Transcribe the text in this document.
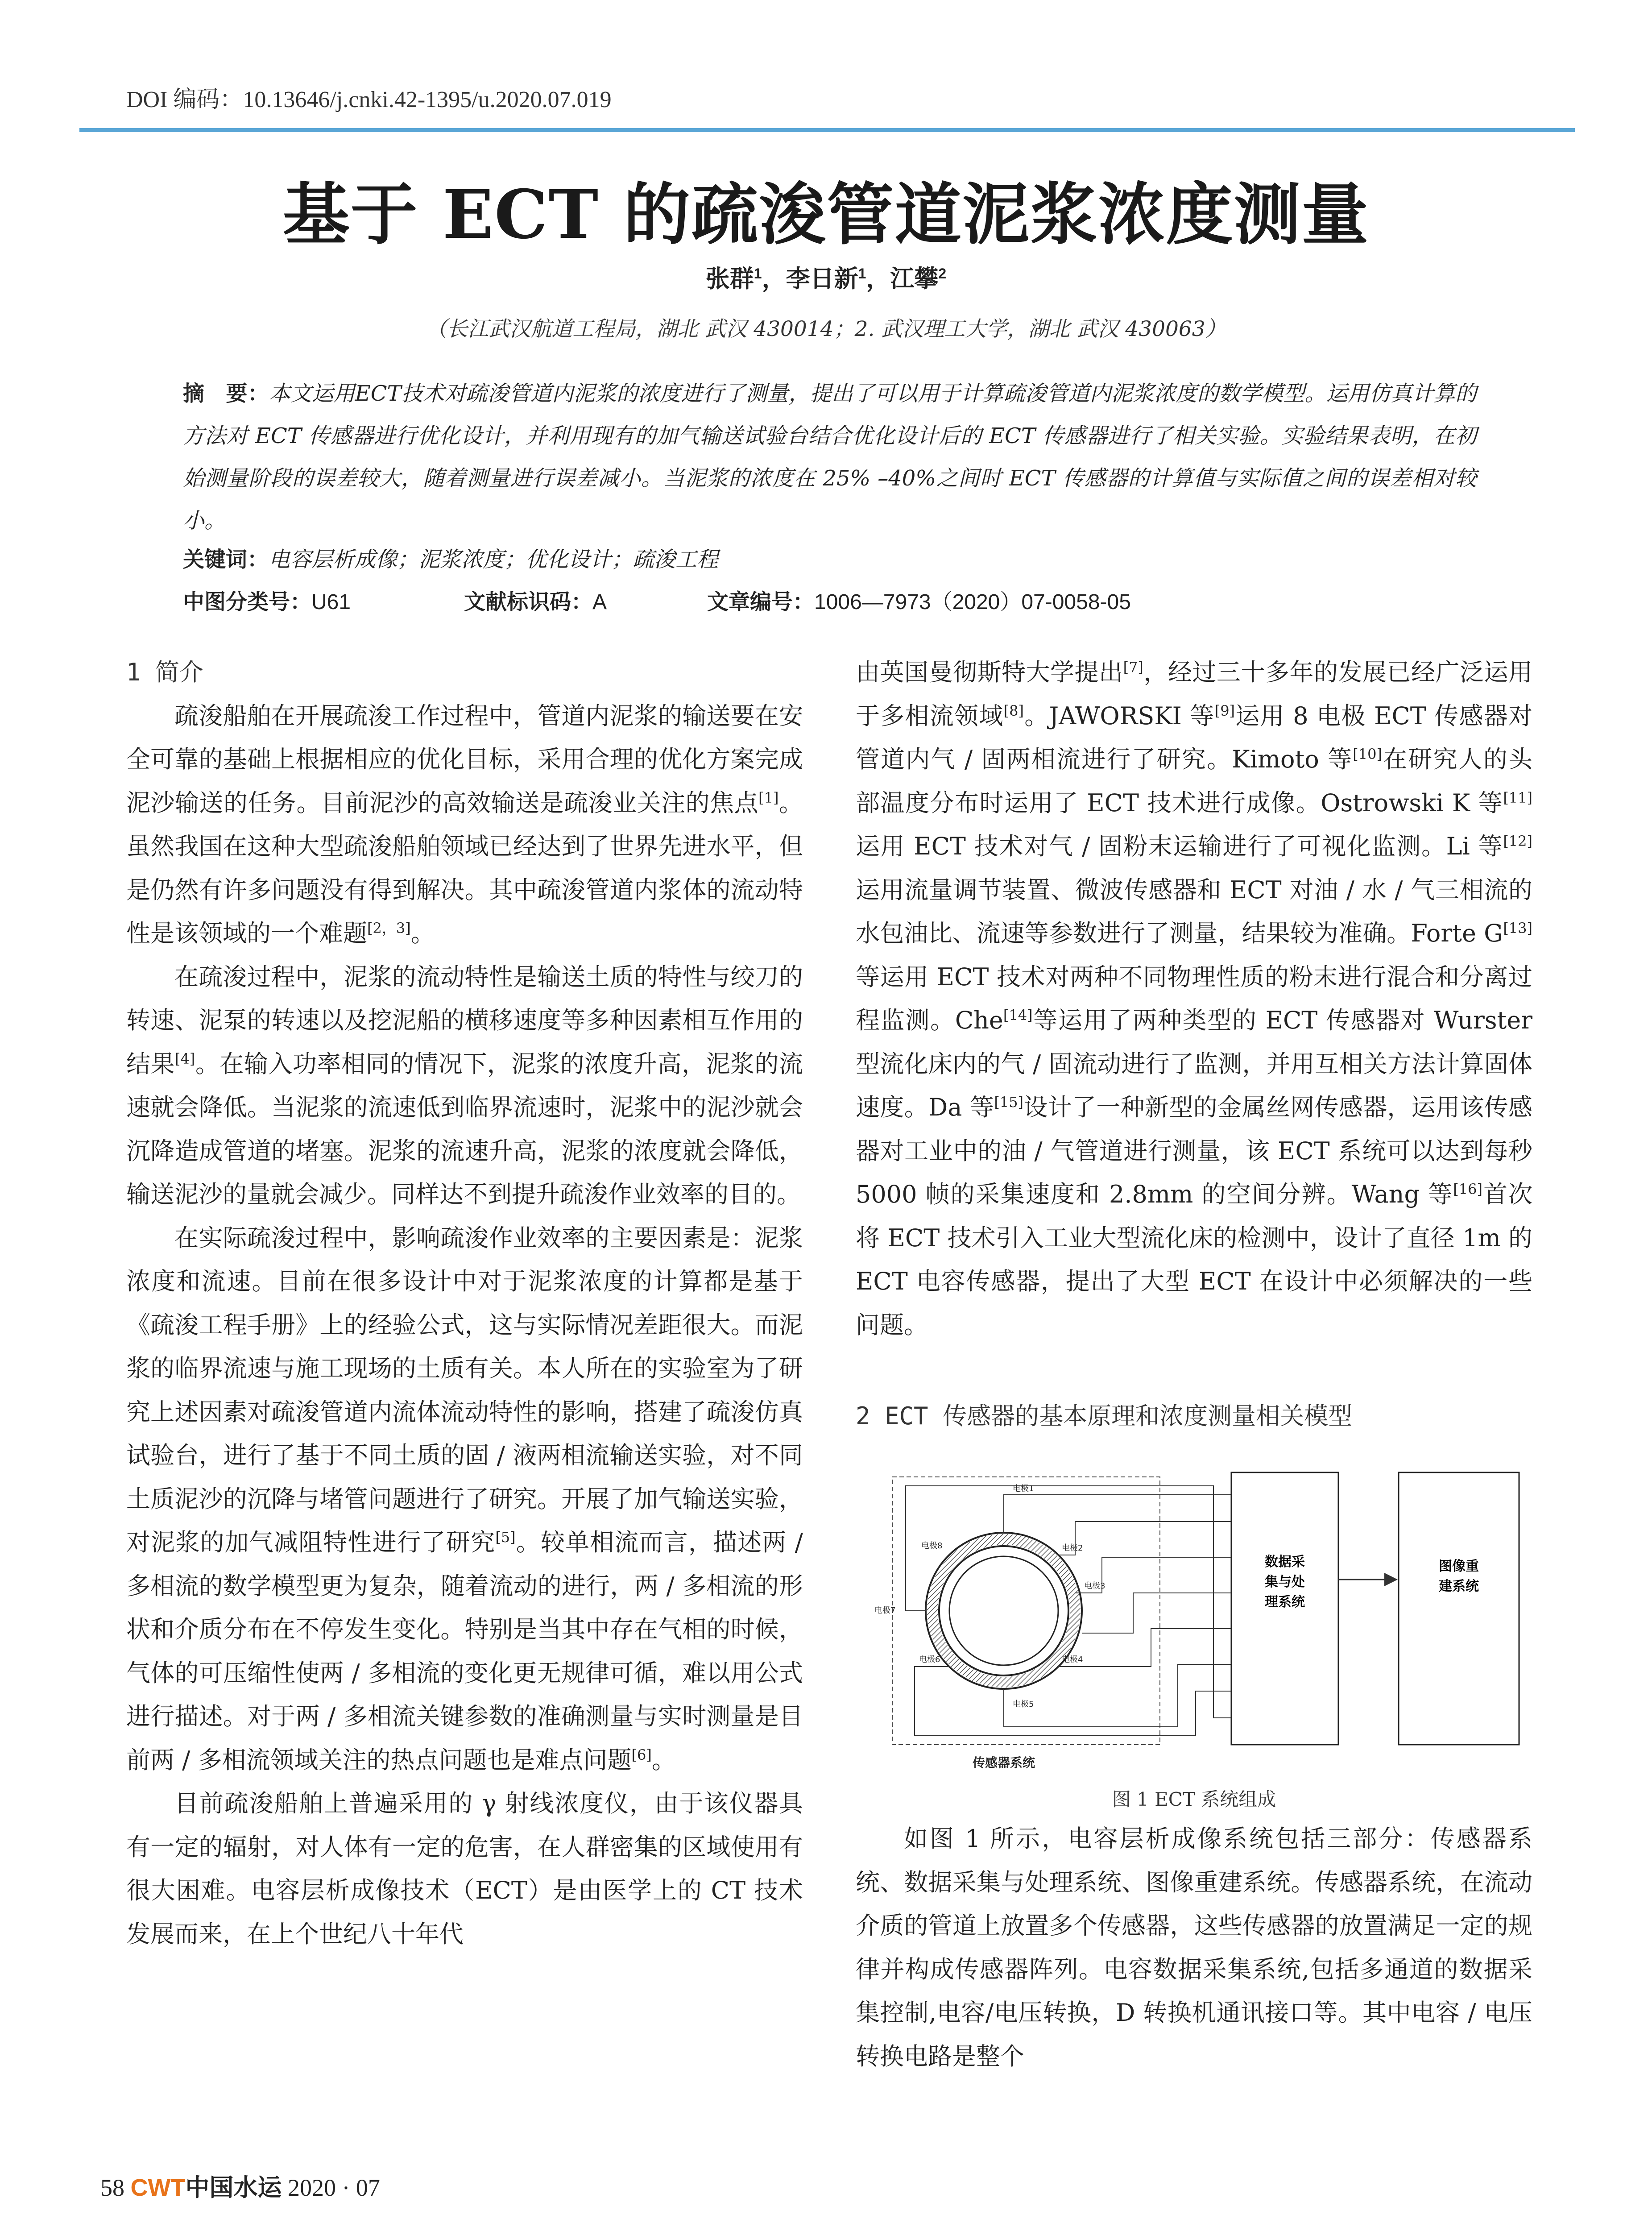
DOI 编码：10.13646/j.cnki.42-1395/u.2020.07.019
基于 ECT 的疏浚管道泥浆浓度测量
张群$^1$，李日新$^1$，江攀$^2$
（长江武汉航道工程局，湖北 武汉 430014；2. 武汉理工大学，湖北 武汉 430063）
摘　要：本文运用ECT技术对疏浚管道内泥浆的浓度进行了测量，提出了可以用于计算疏浚管道内泥浆浓度的数学模型。运用仿真计算的方法对 ECT 传感器进行优化设计，并利用现有的加气输送试验台结合优化设计后的 ECT 传感器进行了相关实验。实验结果表明，在初始测量阶段的误差较大，随着测量进行误差减小。当泥浆的浓度在 25% –40%之间时 ECT 传感器的计算值与实际值之间的误差相对较小。
关键词：电容层析成像；泥浆浓度；优化设计；疏浚工程
中图分类号：U61	文献标识码：A	文章编号：1006—7973（2020）07-0058-05

1 简介

疏浚船舶在开展疏浚工作过程中，管道内泥浆的输送要在安全可靠的基础上根据相应的优化目标，采用合理的优化方案完成泥沙输送的任务。目前泥沙的高效输送是疏浚业关注的焦点[1]。虽然我国在这种大型疏浚船舶领域已经达到了世界先进水平，但是仍然有许多问题没有得到解决。其中疏浚管道内浆体的流动特性是该领域的一个难题[2，3]。

在疏浚过程中，泥浆的流动特性是输送土质的特性与绞刀的转速、泥泵的转速以及挖泥船的横移速度等多种因素相互作用的结果[4]。在输入功率相同的情况下，泥浆的浓度升高，泥浆的流速就会降低。当泥浆的流速低到临界流速时，泥浆中的泥沙就会沉降造成管道的堵塞。泥浆的流速升高，泥浆的浓度就会降低，输送泥沙的量就会减少。同样达不到提升疏浚作业效率的目的。

在实际疏浚过程中，影响疏浚作业效率的主要因素是：泥浆浓度和流速。目前在很多设计中对于泥浆浓度的计算都是基于《疏浚工程手册》上的经验公式，这与实际情况差距很大。而泥浆的临界流速与施工现场的土质有关。本人所在的实验室为了研究上述因素对疏浚管道内流体流动特性的影响，搭建了疏浚仿真试验台，进行了基于不同土质的固 / 液两相流输送实验，对不同土质泥沙的沉降与堵管问题进行了研究。开展了加气输送实验，对泥浆的加气减阻特性进行了研究[5]。较单相流而言，描述两 / 多相流的数学模型更为复杂，随着流动的进行，两 / 多相流的形状和介质分布在不停发生变化。特别是当其中存在气相的时候，气体的可压缩性使两 / 多相流的变化更无规律可循，难以用公式进行描述。对于两 / 多相流关键参数的准确测量与实时测量是目前两 / 多相流领域关注的热点问题也是难点问题[6]。

目前疏浚船舶上普遍采用的 γ 射线浓度仪，由于该仪器具有一定的辐射，对人体有一定的危害，在人群密集的区域使用有很大困难。电容层析成像技术（ECT）是由医学上的 CT 技术发展而来，在上个世纪八十年代

由英国曼彻斯特大学提出[7]，经过三十多年的发展已经广泛运用于多相流领域[8]。JAWORSKI 等[9]运用 8 电极 ECT 传感器对管道内气 / 固两相流进行了研究。Kimoto 等[10]在研究人的头部温度分布时运用了 ECT 技术进行成像。Ostrowski K 等[11]运用 ECT 技术对气 / 固粉末运输进行了可视化监测。Li 等[12]运用流量调节装置、微波传感器和 ECT 对油 / 水 / 气三相流的水包油比、流速等参数进行了测量，结果较为准确。Forte G[13]等运用 ECT 技术对两种不同物理性质的粉末进行混合和分离过程监测。Che[14]等运用了两种类型的 ECT 传感器对 Wurster 型流化床内的气 / 固流动进行了监测，并用互相关方法计算固体速度。Da 等[15]设计了一种新型的金属丝网传感器，运用该传感器对工业中的油 / 气管道进行测量，该 ECT 系统可以达到每秒 5000 帧的采集速度和 2.8mm 的空间分辨。Wang 等[16]首次将 ECT 技术引入工业大型流化床的检测中，设计了直径 1m 的 ECT 电容传感器，提出了大型 ECT 在设计中必须解决的一些问题。

2 ECT 传感器的基本原理和浓度测量相关模型
电极1
电极2
电极3
电极4
电极5
电极6
电极7
电极8
传感器系统
数据采
集与处
理系统
图像重
建系统
图 1 ECT 系统组成

如图 1 所示，电容层析成像系统包括三部分：传感器系统、数据采集与处理系统、图像重建系统。传感器系统，在流动介质的管道上放置多个传感器，这些传感器的放置满足一定的规律并构成传感器阵列。电容数据采集系统,包括多通道的数据采集控制,电容/电压转换，D 转换机通讯接口等。其中电容 / 电压转换电路是整个

58 CWT中国水运 2020 · 07
